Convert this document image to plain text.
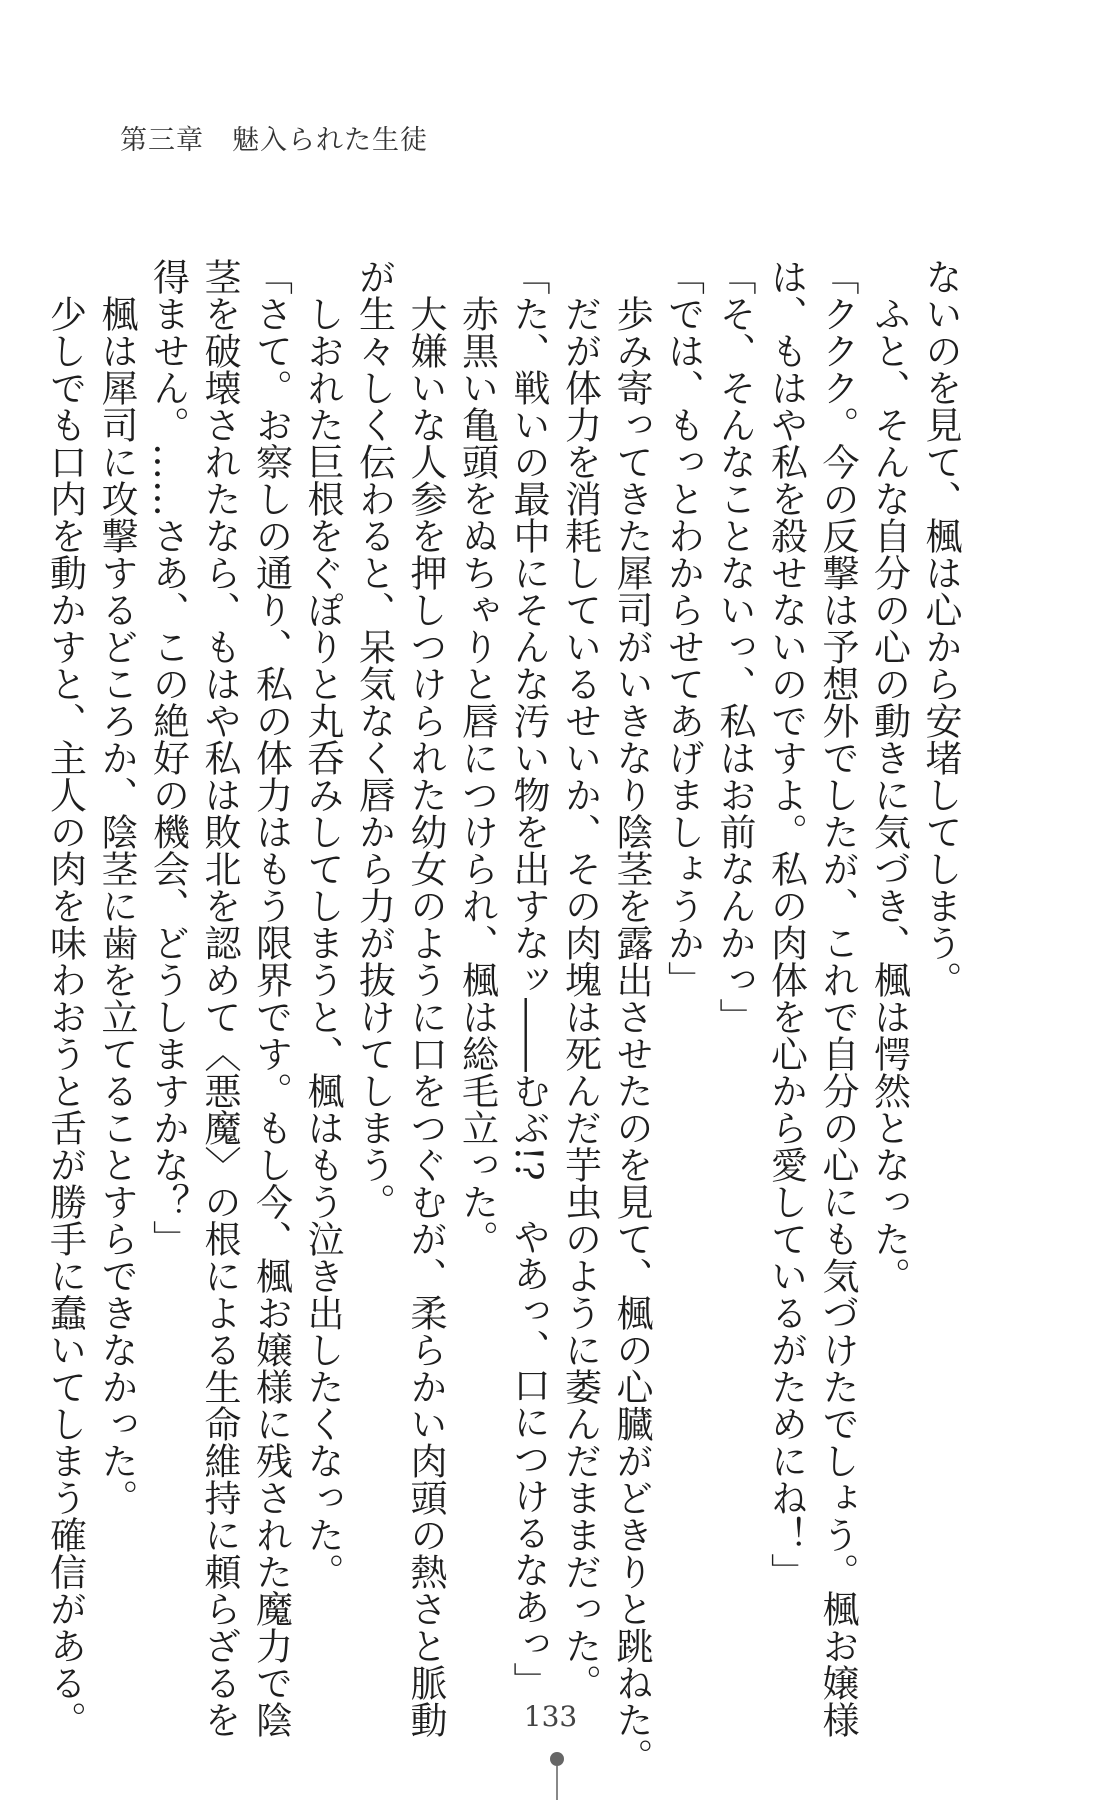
第三章　魅入られた生徒

ないのを見て、楓は心から安堵してしまう。

　ふと、そんな自分の心の動きに気づき、楓は愕然となった。

「ククク。今の反撃は予想外でしたが、これで自分の心にも気づけたでしょう。楓お嬢様

は、もはや私を殺せないのですよ。私の肉体を心から愛しているがためにね！」

「そ、そんなことないっ、私はお前なんかっ」

「では、もっとわからせてあげましょうか」

　歩み寄ってきた犀司がいきなり陰茎を露出させたのを見て、楓の心臓がどきりと跳ねた。

　だが体力を消耗しているせいか、その肉塊は死んだ芋虫のように萎んだままだった。

「た、戦いの最中にそんな汚い物を出すなッ――むぶ!?　やあっ、口につけるなあっ」

　赤黒い亀頭をぬちゃりと唇につけられ、楓は総毛立った。

　大嫌いな人参を押しつけられた幼女のように口をつぐむが、柔らかい肉頭の熱さと脈動

が生々しく伝わると、呆気なく唇から力が抜けてしまう。

　しおれた巨根をぐぽりと丸呑みしてしまうと、楓はもう泣き出したくなった。

「さて。お察しの通り、私の体力はもう限界です。もし今、楓お嬢様に残された魔力で陰

茎を破壊されたなら、もはや私は敗北を認めて〈悪魔〉の根による生命維持に頼らざるを

得ません。……さあ、この絶好の機会、どうしますかな？」

　楓は犀司に攻撃するどころか、陰茎に歯を立てることすらできなかった。

　少しでも口内を動かすと、主人の肉を味わおうと舌が勝手に蠢いてしまう確信がある。	133
